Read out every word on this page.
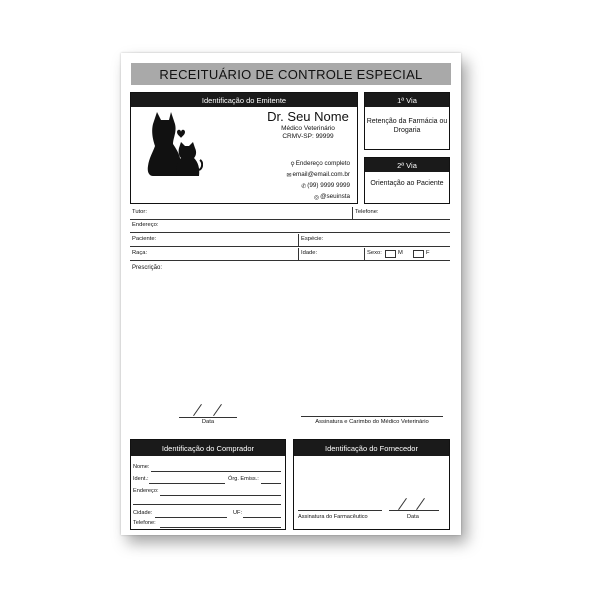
RECEITUÁRIO DE CONTROLE ESPECIAL
Identificação do Emitente
Dr. Seu Nome
Médico Veterinário
CRMV-SP: 99999
⚲Endereço completo
✉email@email.com.br
✆(99) 9999 9999
◎@seuinsta
1ª Via
Retenção da Farmácia ou Drogaria
2ª Via
Orientação ao Paciente
Tutor:	Telefone:
Endereço:
Paciente:	Espécie:
Raça:	Idade:	Sexo:	M	F
Prescrição:
Data	Assinatura e Carimbo do Médico Veterinário
Identificação do Comprador
Nome:
Ident.:	Órg. Emiss.:
Endereço:
Cidade:	UF:
Telefone:
Identificação do Fornecedor
Assinatura do Farmacêutico	Data
